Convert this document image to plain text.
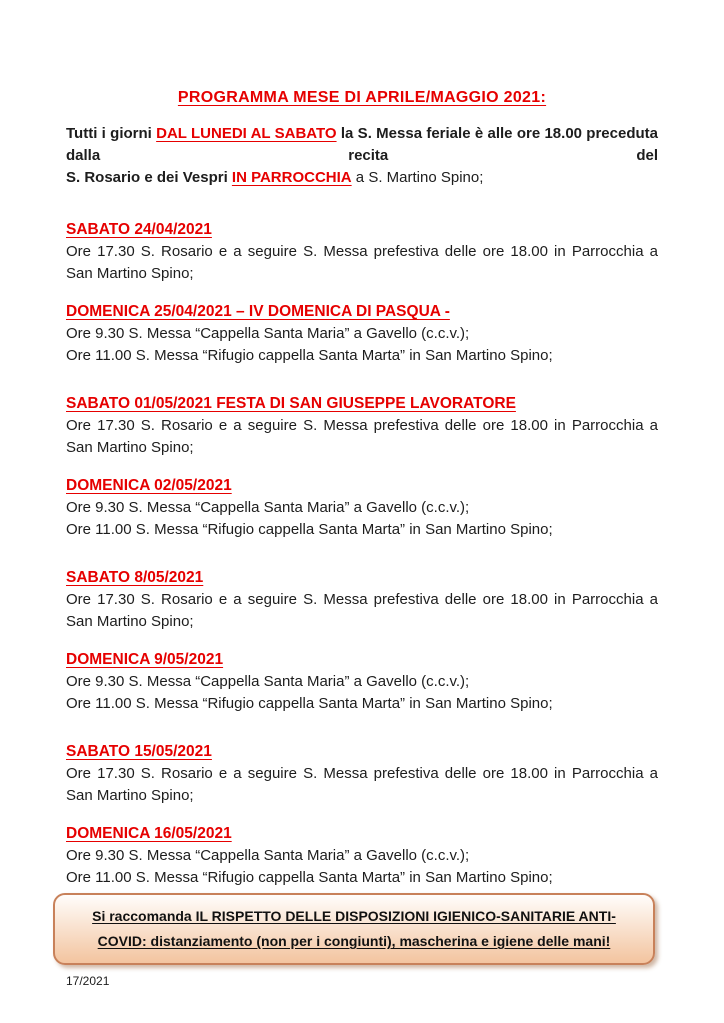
PROGRAMMA MESE DI APRILE/MAGGIO 2021:
Tutti i giorni DAL LUNEDI AL SABATO la S. Messa feriale è alle ore 18.00 preceduta dalla recita del
S. Rosario e dei Vespri IN PARROCCHIA a S. Martino Spino;
SABATO 24/04/2021
Ore 17.30 S. Rosario e a seguire S. Messa prefestiva delle ore 18.00 in Parrocchia a
San Martino Spino;
DOMENICA 25/04/2021 – IV DOMENICA DI PASQUA -
Ore 9.30 S. Messa “Cappella Santa Maria” a Gavello (c.c.v.);
Ore 11.00 S. Messa “Rifugio cappella Santa Marta” in San Martino Spino;
SABATO 01/05/2021 FESTA DI SAN GIUSEPPE LAVORATORE
Ore 17.30 S. Rosario e a seguire S. Messa prefestiva delle ore 18.00 in Parrocchia a
San Martino Spino;
DOMENICA 02/05/2021
Ore 9.30 S. Messa “Cappella Santa Maria” a Gavello (c.c.v.);
Ore 11.00 S. Messa “Rifugio cappella Santa Marta” in San Martino Spino;
SABATO 8/05/2021
Ore 17.30 S. Rosario e a seguire S. Messa prefestiva delle ore 18.00 in Parrocchia a
San Martino Spino;
DOMENICA 9/05/2021
Ore 9.30 S. Messa “Cappella Santa Maria” a Gavello (c.c.v.);
Ore 11.00 S. Messa “Rifugio cappella Santa Marta” in San Martino Spino;
SABATO 15/05/2021
Ore 17.30 S. Rosario e a seguire S. Messa prefestiva delle ore 18.00 in Parrocchia a
San Martino Spino;
DOMENICA 16/05/2021
Ore 9.30 S. Messa “Cappella Santa Maria” a Gavello (c.c.v.);
Ore 11.00 S. Messa “Rifugio cappella Santa Marta” in San Martino Spino;
Si raccomanda IL RISPETTO DELLE DISPOSIZIONI IGIENICO-SANITARIE ANTI-
COVID: distanziamento (non per i congiunti), mascherina e igiene delle mani!
17/2021
